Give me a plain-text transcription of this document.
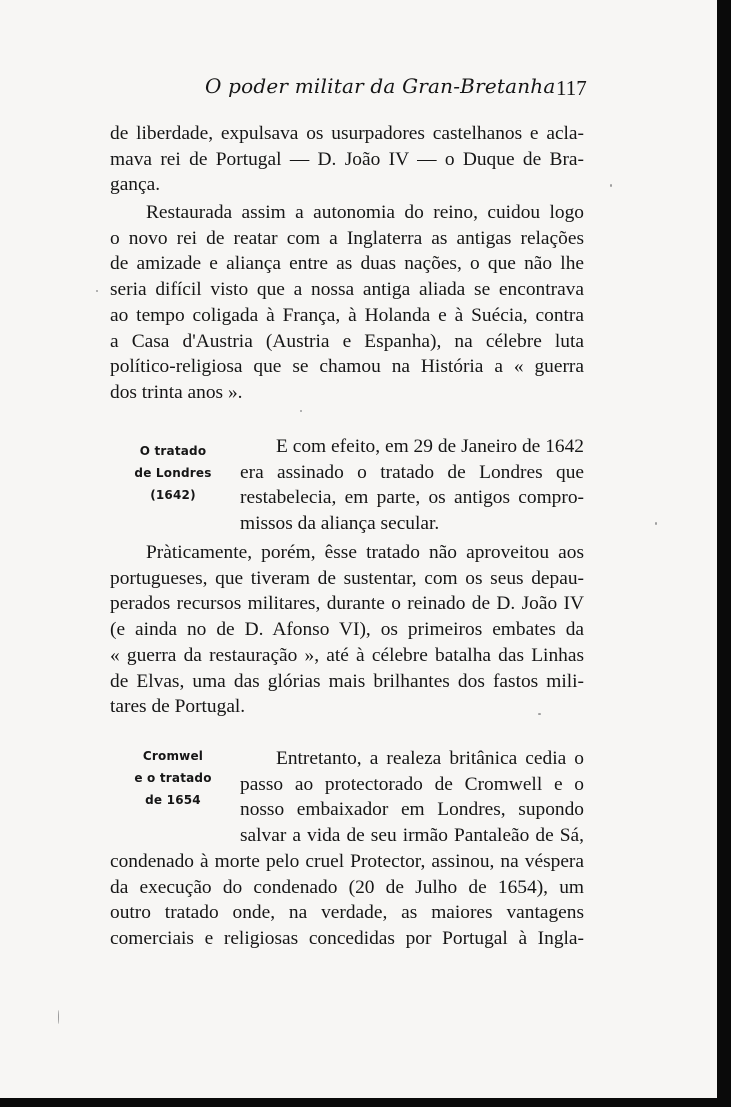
O poder militar da Gran-Bretanha 117
de liberdade, expulsava os usurpadores castelhanos e acla-
mava rei de Portugal — D. João IV — o Duque de Bra-
gança.
Restaurada assim a autonomia do reino, cuidou logo
o novo rei de reatar com a Inglaterra as antigas relações
de amizade e aliança entre as duas nações, o que não lhe
seria difícil visto que a nossa antiga aliada se encontrava
ao tempo coligada à França, à Holanda e à Suécia, contra
a Casa d'Austria (Austria e Espanha), na célebre luta
político-religiosa que se chamou na História a « guerra
dos trinta anos ».
O tratado
de Londres
(1642)
E com efeito, em 29 de Janeiro de 1642
era assinado o tratado de Londres que
restabelecia, em parte, os antigos compro-
missos da aliança secular.
Pràticamente, porém, êsse tratado não aproveitou aos
portugueses, que tiveram de sustentar, com os seus depau-
perados recursos militares, durante o reinado de D. João IV
(e ainda no de D. Afonso VI), os primeiros embates da
« guerra da restauração », até à célebre batalha das Linhas
de Elvas, uma das glórias mais brilhantes dos fastos mili-
tares de Portugal.
Cromwel
e o tratado
de 1654
Entretanto, a realeza britânica cedia o
passo ao protectorado de Cromwell e o
nosso embaixador em Londres, supondo
salvar a vida de seu irmão Pantaleão de Sá,
condenado à morte pelo cruel Protector, assinou, na véspera
da execução do condenado (20 de Julho de 1654), um
outro tratado onde, na verdade, as maiores vantagens
comerciais e religiosas concedidas por Portugal à Ingla-
